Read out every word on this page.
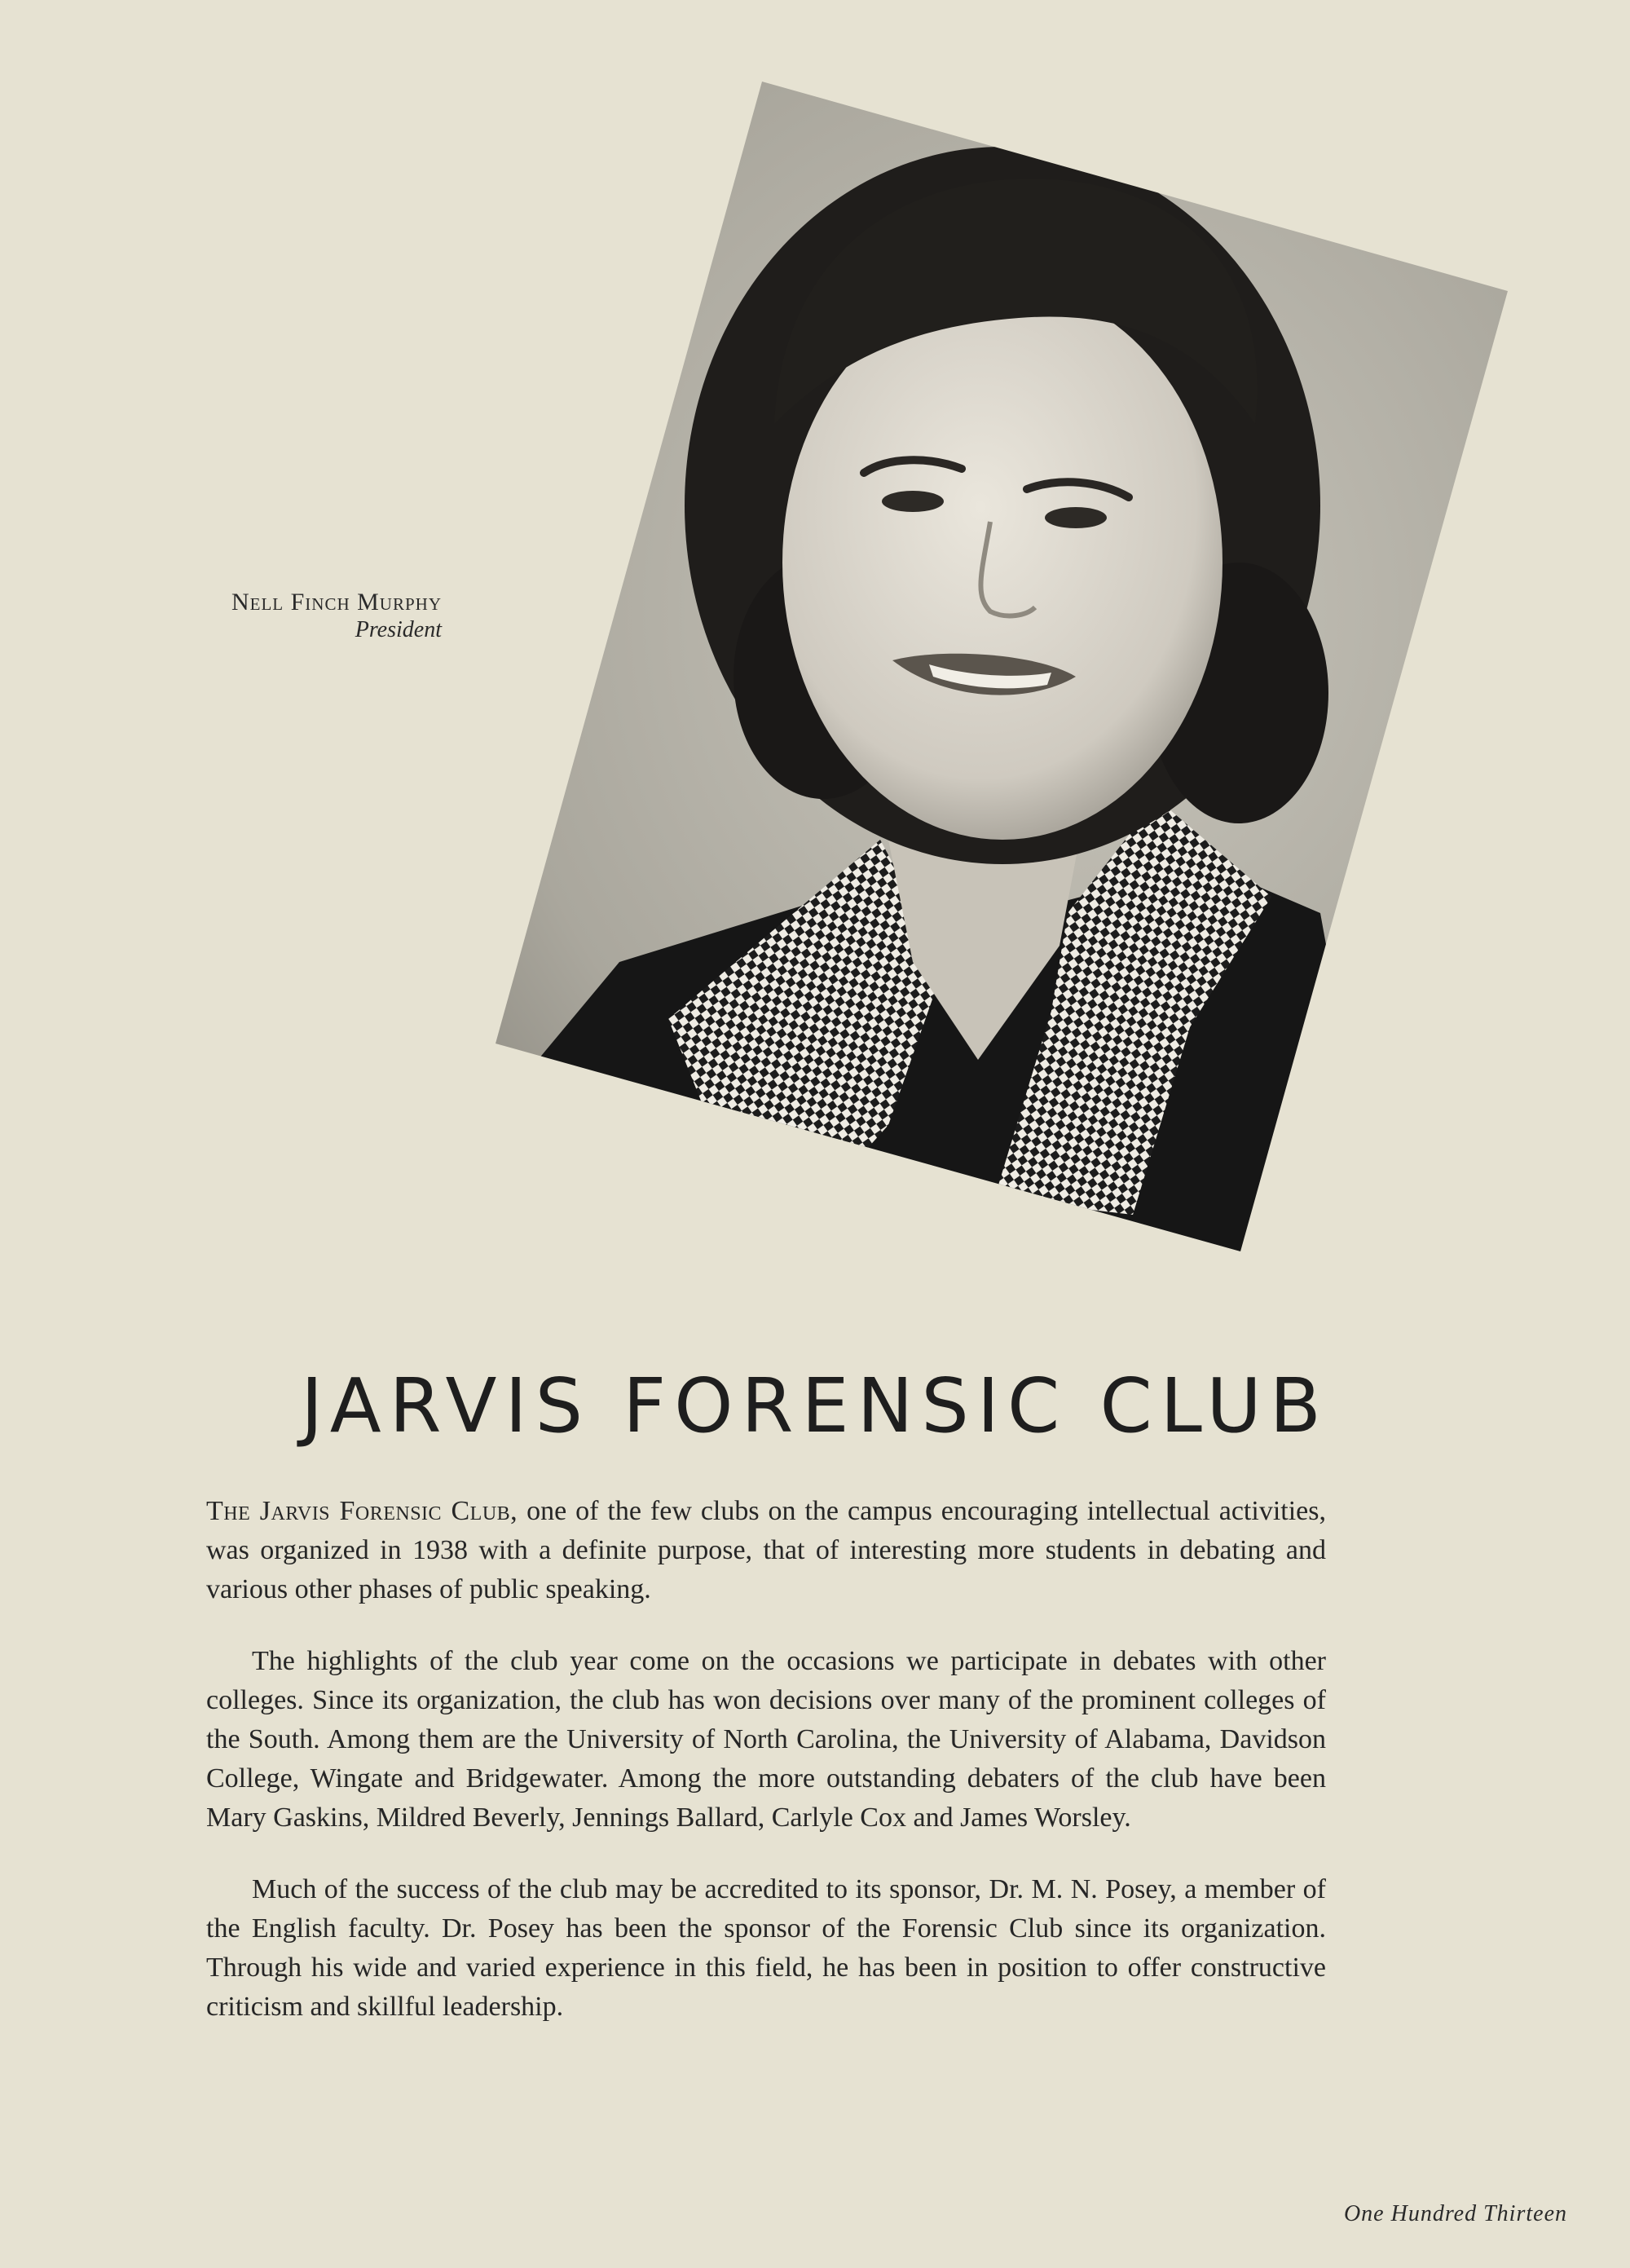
Nell Finch Murphy
President
JARVIS FORENSIC CLUB

The Jarvis Forensic Club, one of the few clubs on the campus encouraging intellectual activities, was organized in 1938 with a definite purpose, that of interesting more students in debating and various other phases of public speaking.

The highlights of the club year come on the occasions we participate in debates with other colleges. Since its organization, the club has won decisions over many of the prominent colleges of the South. Among them are the University of North Carolina, the University of Alabama, Davidson College, Wingate and Bridgewater. Among the more outstanding debaters of the club have been Mary Gaskins, Mildred Beverly, Jennings Ballard, Carlyle Cox and James Worsley.

Much of the success of the club may be accredited to its sponsor, Dr. M. N. Posey, a member of the English faculty. Dr. Posey has been the sponsor of the Forensic Club since its organization. Through his wide and varied experience in this field, he has been in position to offer constructive criticism and skillful leadership.

One Hundred Thirteen
